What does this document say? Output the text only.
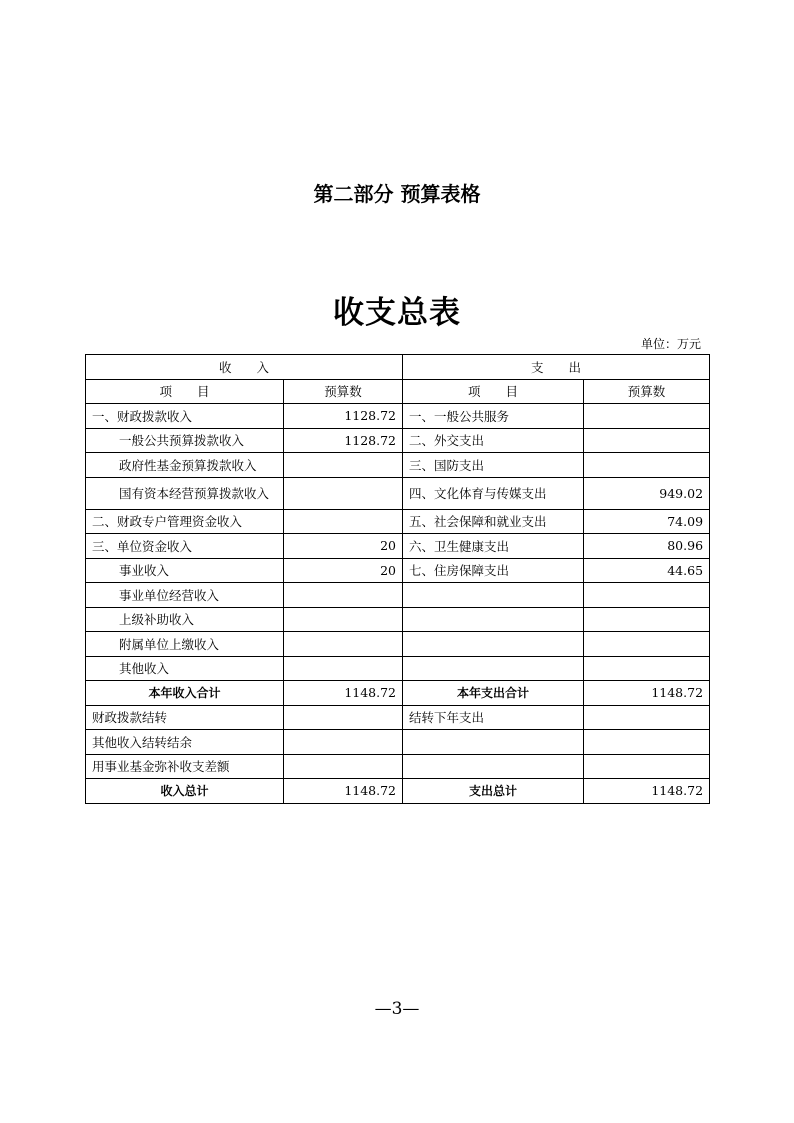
第二部分 预算表格
收支总表
单位：万元
收　　入		支　　出	
项　　目	预算数	项　　目	预算数
一、财政拨款收入	1128.72	一、一般公共服务	
一般公共预算拨款收入	1128.72	二、外交支出	
政府性基金预算拨款收入		三、国防支出	
国有资本经营预算拨款收入		四、文化体育与传媒支出	949.02
二、财政专户管理资金收入		五、社会保障和就业支出	74.09
三、单位资金收入	20	六、卫生健康支出	80.96
事业收入	20	七、住房保障支出	44.65
事业单位经营收入			
上级补助收入			
附属单位上缴收入			
其他收入			
本年收入合计	1148.72	本年支出合计	1148.72
财政拨款结转		结转下年支出	
其他收入结转结余			
用事业基金弥补收支差额			
收入总计	1148.72	支出总计	1148.72
—3—
